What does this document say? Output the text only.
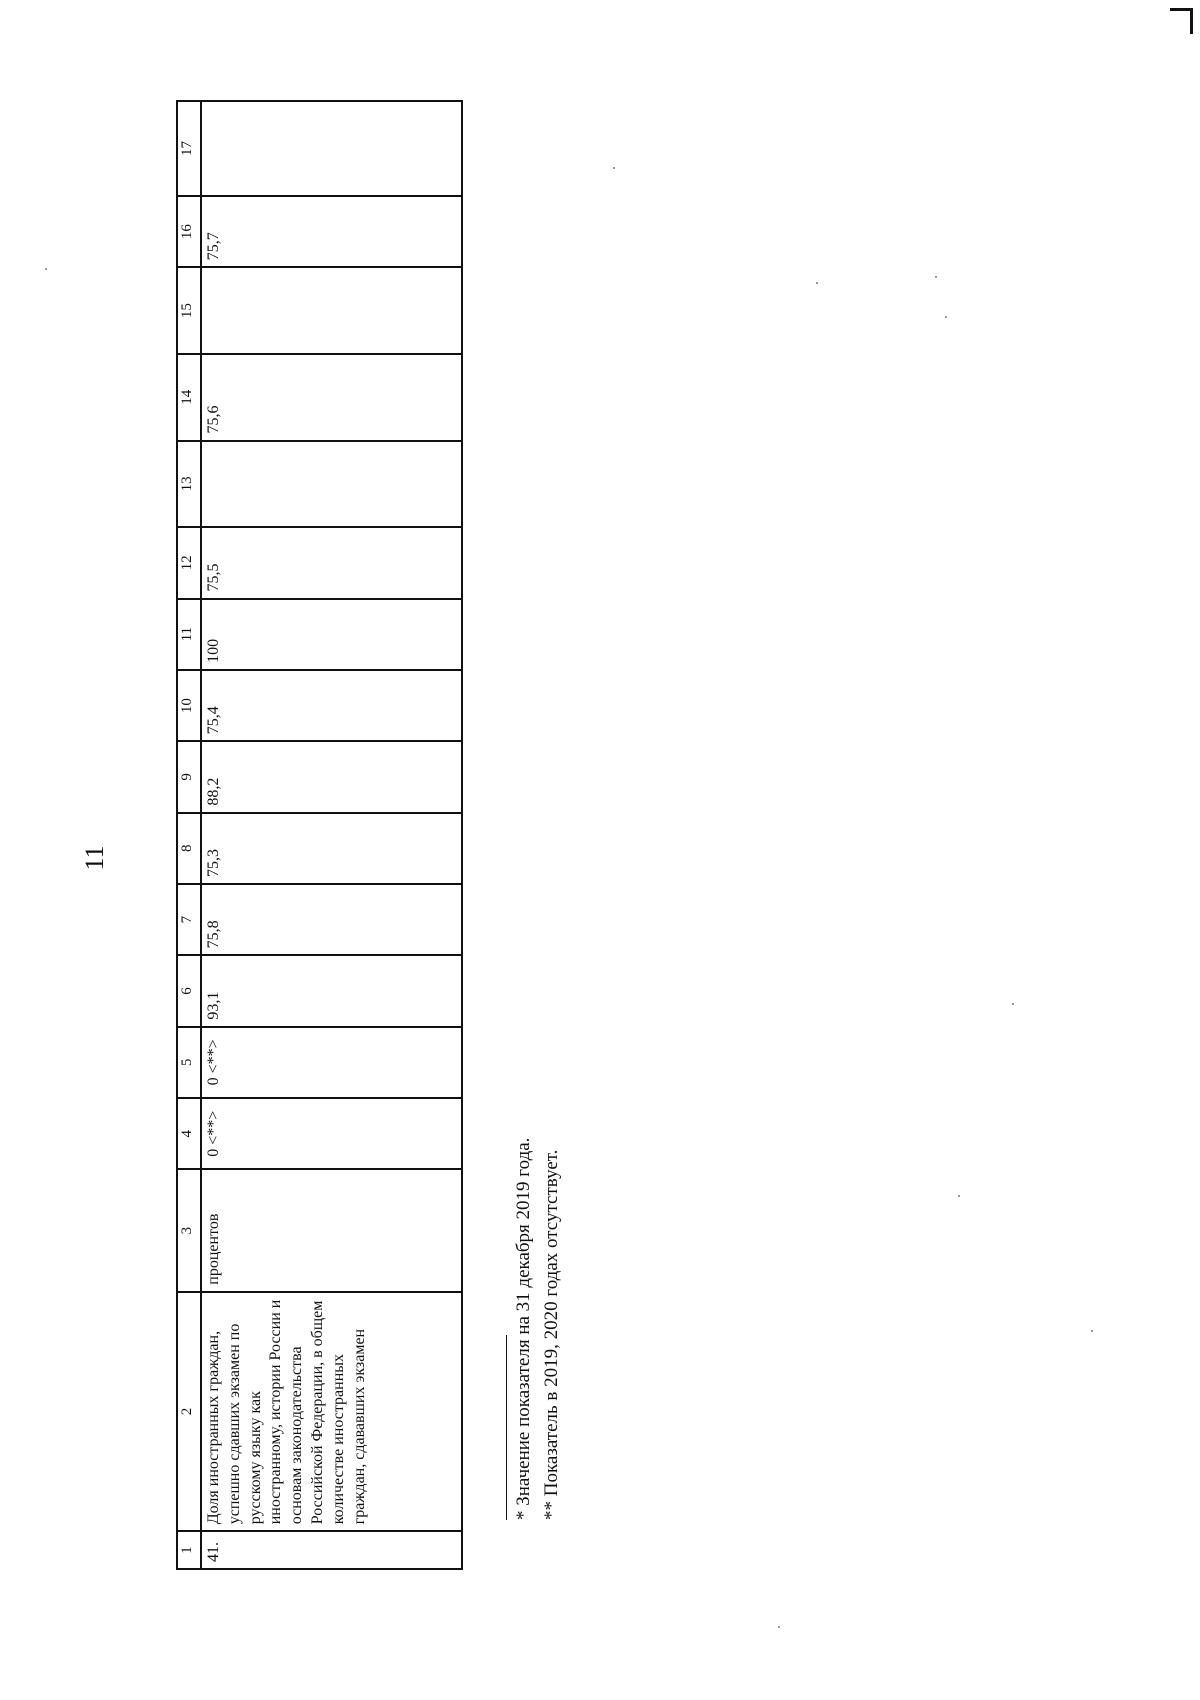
11
1	2	3	4	5	6	7	8	9	10	11	12	13	14	15	16	17
41.	Доля иностранных граждан, успешно сдавших экзамен по русскому языку как иностранному, истории России и основам законодательства Российской Федерации, в общем количестве иностранных граждан, сдававших экзамен	процентов	0 <**>	0 <**>	93,1	75,8	75,3	88,2	75,4	100	75,5		75,6		75,7	
* Значение показателя на 31 декабря 2019 года. ** Показатель в 2019, 2020 годах отсутствует.
